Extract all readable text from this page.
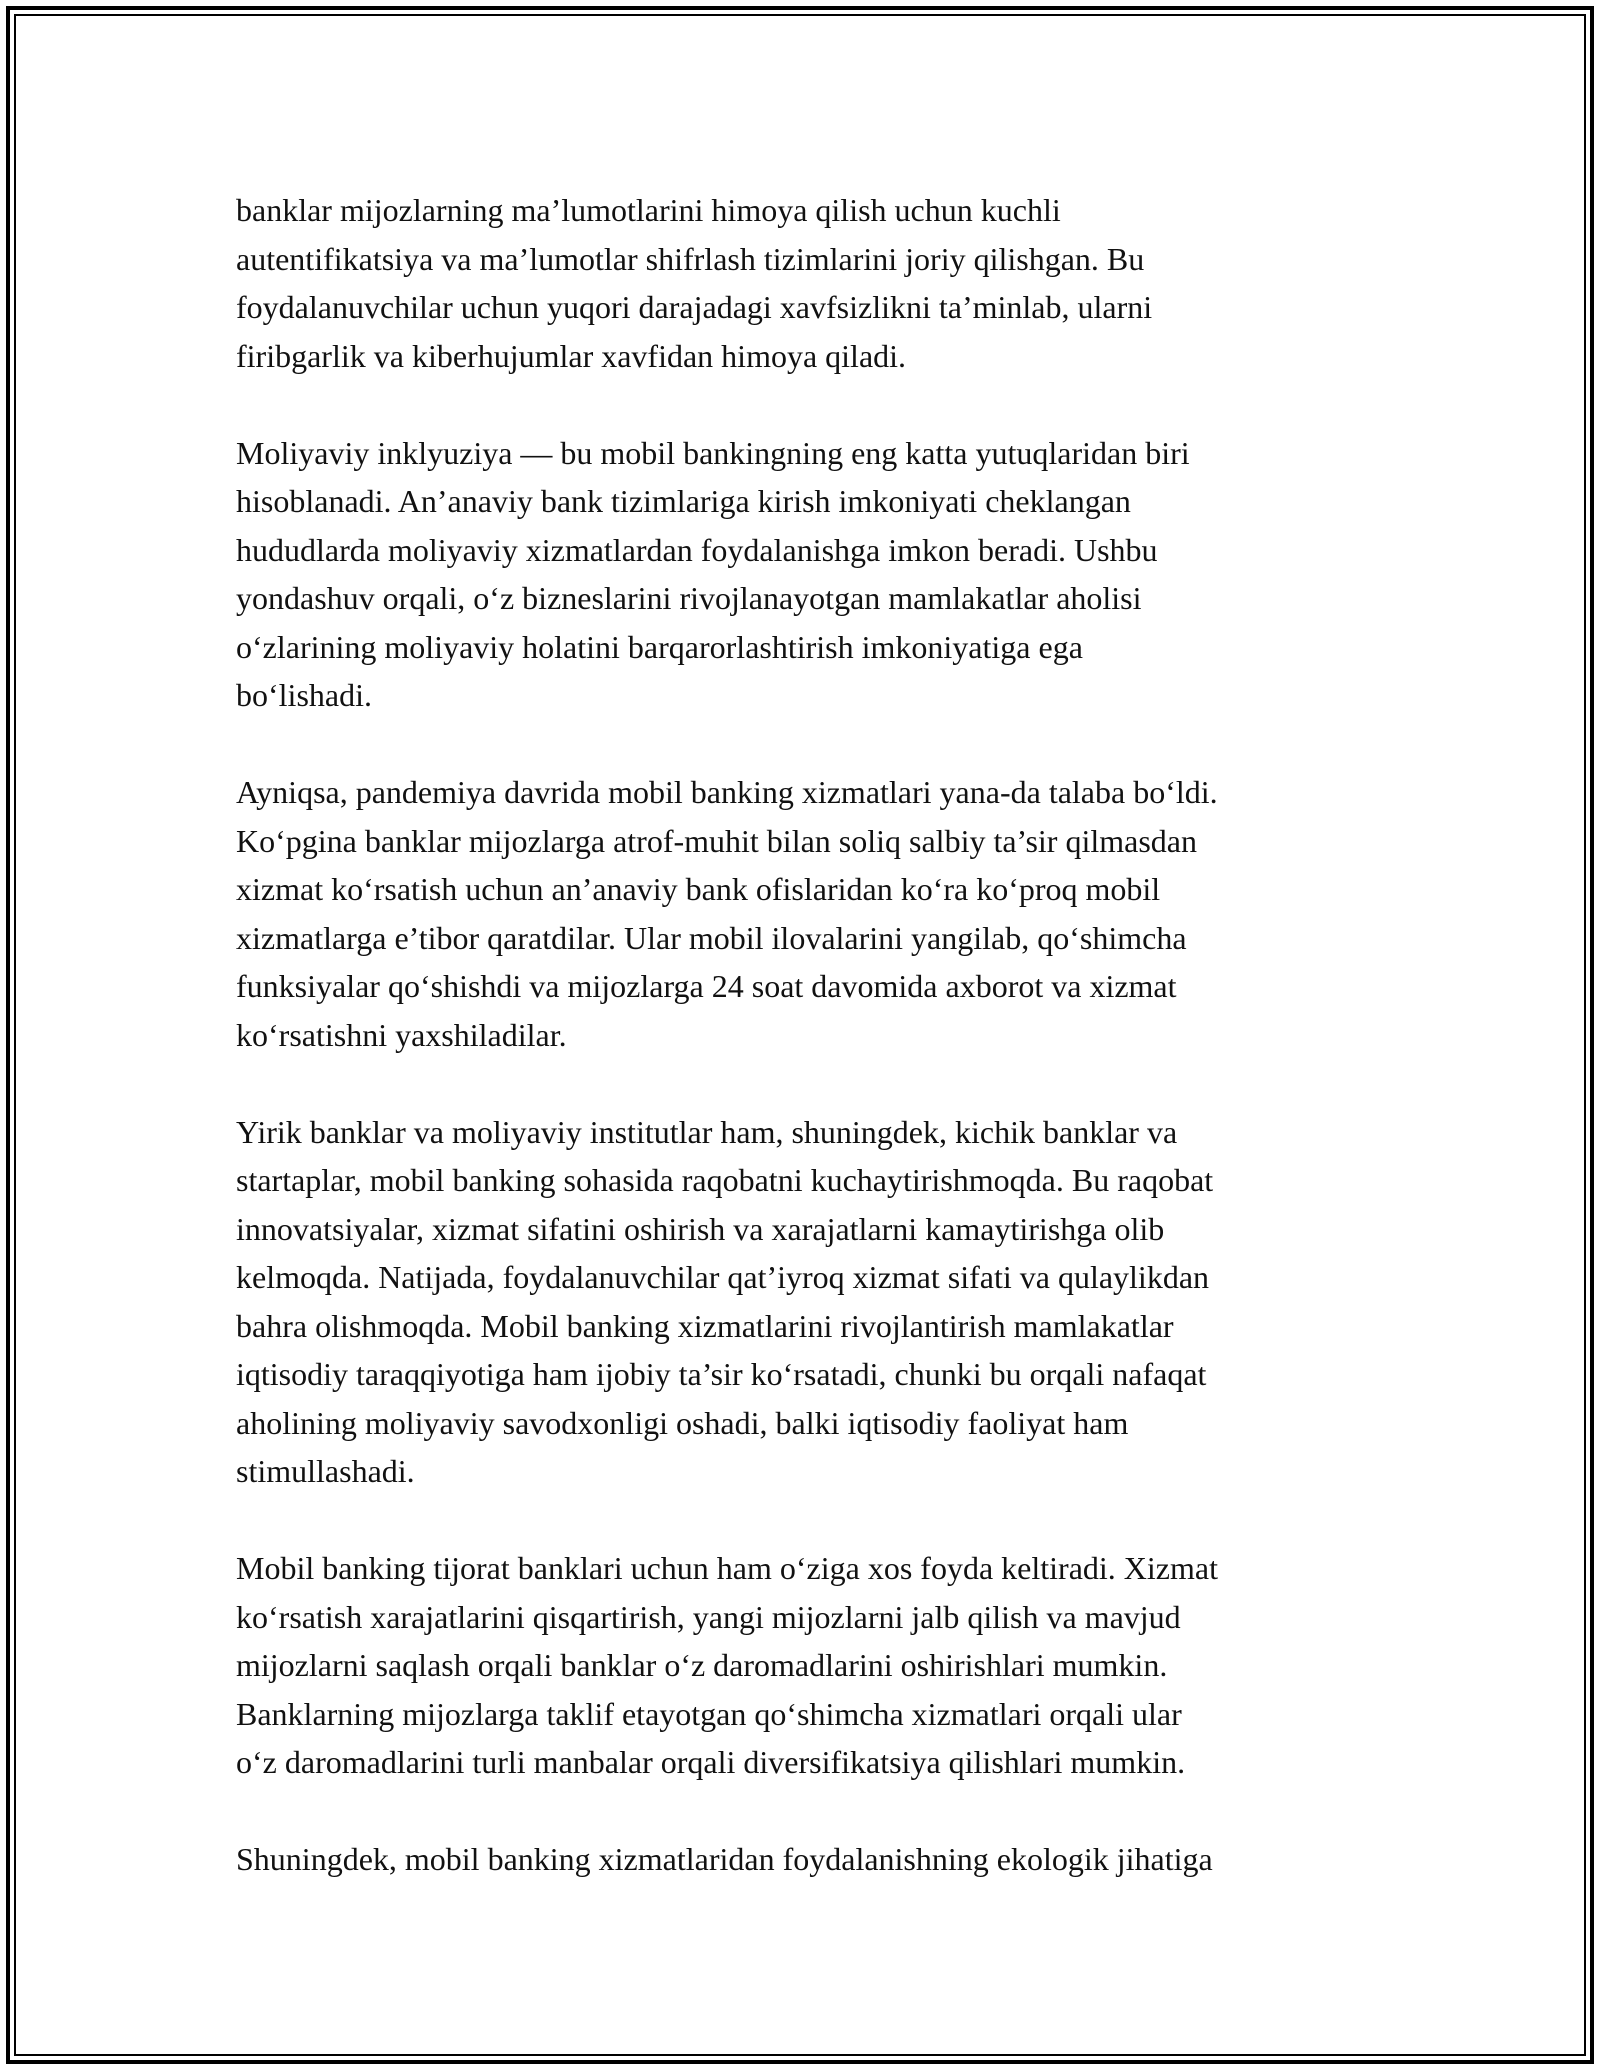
banklar mijozlarning ma’lumotlarini himoya qilish uchun kuchli
autentifikatsiya va ma’lumotlar shifrlash tizimlarini joriy qilishgan. Bu
foydalanuvchilar uchun yuqori darajadagi xavfsizlikni ta’minlab, ularni
firibgarlik va kiberhujumlar xavfidan himoya qiladi.

Moliyaviy inklyuziya — bu mobil bankingning eng katta yutuqlaridan biri
hisoblanadi. An’anaviy bank tizimlariga kirish imkoniyati cheklangan
hududlarda moliyaviy xizmatlardan foydalanishga imkon beradi. Ushbu
yondashuv orqali, o‘z bizneslarini rivojlanayotgan mamlakatlar aholisi
o‘zlarining moliyaviy holatini barqarorlashtirish imkoniyatiga ega
bo‘lishadi.

Ayniqsa, pandemiya davrida mobil banking xizmatlari yana-da talaba bo‘ldi.
Ko‘pgina banklar mijozlarga atrof-muhit bilan soliq salbiy ta’sir qilmasdan
xizmat ko‘rsatish uchun an’anaviy bank ofislaridan ko‘ra ko‘proq mobil
xizmatlarga e’tibor qaratdilar. Ular mobil ilovalarini yangilab, qo‘shimcha
funksiyalar qo‘shishdi va mijozlarga 24 soat davomida axborot va xizmat
ko‘rsatishni yaxshiladilar.

Yirik banklar va moliyaviy institutlar ham, shuningdek, kichik banklar va
startaplar, mobil banking sohasida raqobatni kuchaytirishmoqda. Bu raqobat
innovatsiyalar, xizmat sifatini oshirish va xarajatlarni kamaytirishga olib
kelmoqda. Natijada, foydalanuvchilar qat’iyroq xizmat sifati va qulaylikdan
bahra olishmoqda. Mobil banking xizmatlarini rivojlantirish mamlakatlar
iqtisodiy taraqqiyotiga ham ijobiy ta’sir ko‘rsatadi, chunki bu orqali nafaqat
aholining moliyaviy savodxonligi oshadi, balki iqtisodiy faoliyat ham
stimullashadi.

Mobil banking tijorat banklari uchun ham o‘ziga xos foyda keltiradi. Xizmat
ko‘rsatish xarajatlarini qisqartirish, yangi mijozlarni jalb qilish va mavjud
mijozlarni saqlash orqali banklar o‘z daromadlarini oshirishlari mumkin.
Banklarning mijozlarga taklif etayotgan qo‘shimcha xizmatlari orqali ular
o‘z daromadlarini turli manbalar orqali diversifikatsiya qilishlari mumkin.

Shuningdek, mobil banking xizmatlaridan foydalanishning ekologik jihatiga
